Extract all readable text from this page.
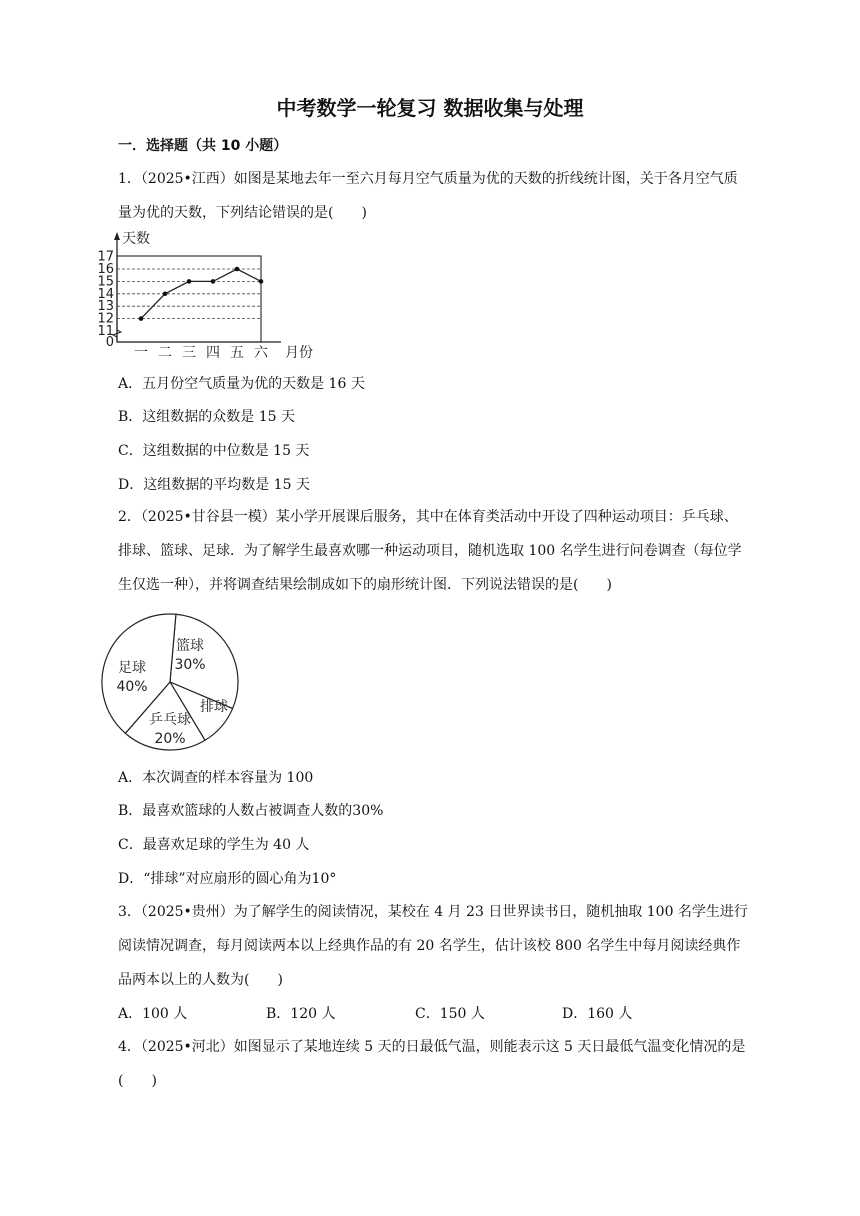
中考数学一轮复习 数据收集与处理
一．选择题（共 10 小题）
1．（2025•江西）如图是某地去年一至六月每月空气质量为优的天数的折线统计图，关于各月空气质
量为优的天数，下列结论错误的是(　　)
0
11
12
13
14
15
16
17
一 二 三 四 五 六
天数
月份
A．五月份空气质量为优的天数是 16 天
B．这组数据的众数是 15 天
C．这组数据的中位数是 15 天
D．这组数据的平均数是 15 天
2．（2025•甘谷县一模）某小学开展课后服务，其中在体育类活动中开设了四种运动项目：乒乓球、
排球、篮球、足球．为了解学生最喜欢哪一种运动项目，随机选取 100 名学生进行问卷调查（每位学
生仅选一种），并将调查结果绘制成如下的扇形统计图．下列说法错误的是(　　)
篮球
30%
排球
乒乓球
20%
足球
40%
A．本次调查的样本容量为 100
B．最喜欢篮球的人数占被调查人数的30%
C．最喜欢足球的学生为 40 人
D．“排球”对应扇形的圆心角为10°
3．（2025•贵州）为了解学生的阅读情况，某校在 4 月 23 日世界读书日，随机抽取 100 名学生进行
阅读情况调查，每月阅读两本以上经典作品的有 20 名学生，估计该校 800 名学生中每月阅读经典作
品两本以上的人数为(　　)
A．100 人	B．120 人	C．150 人	D．160 人
4．（2025•河北）如图显示了某地连续 5 天的日最低气温，则能表示这 5 天日最低气温变化情况的是
(　　)
